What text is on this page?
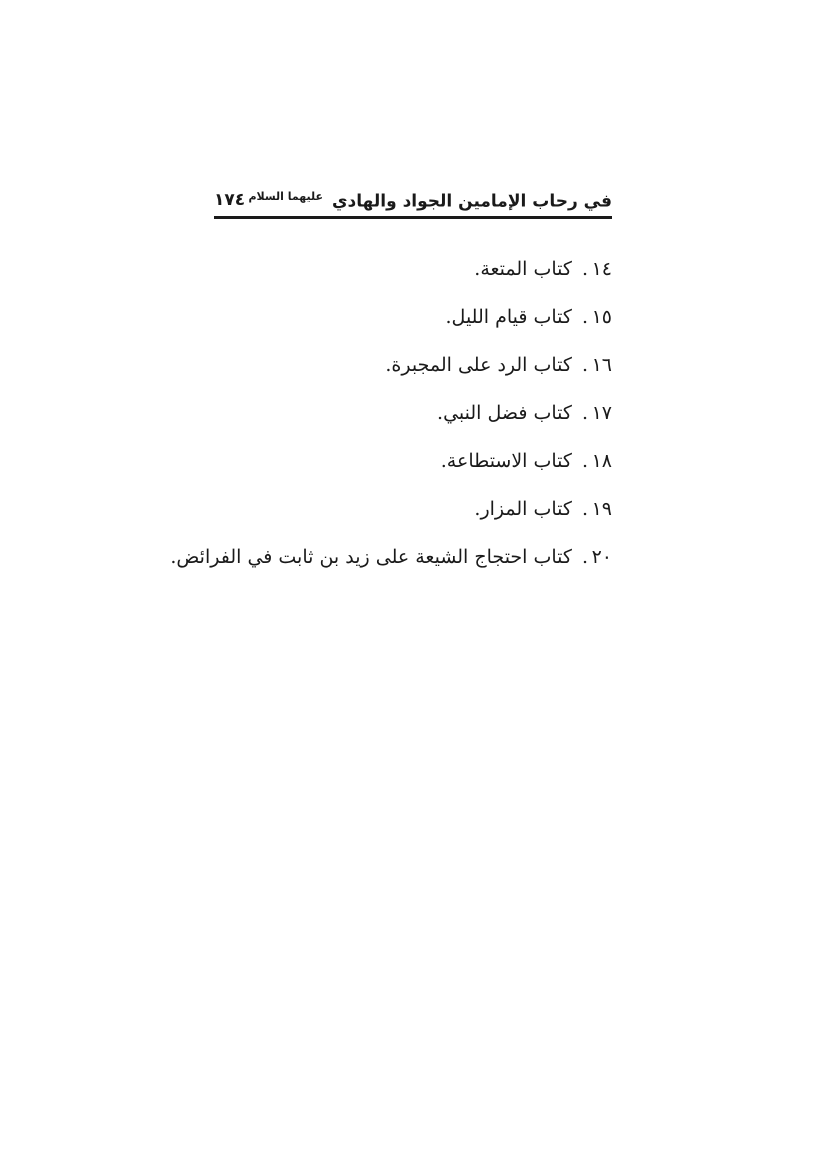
في رحاب الإمامين الجواد والهادي $^{عليهما السلام}$
١٧٤
١٤.كتاب المتعة.
١٥.كتاب قيام الليل.
١٦.كتاب الرد على المجبرة.
١٧.كتاب فضل النبي.
١٨.كتاب الاستطاعة.
١٩.كتاب المزار.
٢٠.كتاب احتجاج الشيعة على زيد بن ثابت في الفرائض.
